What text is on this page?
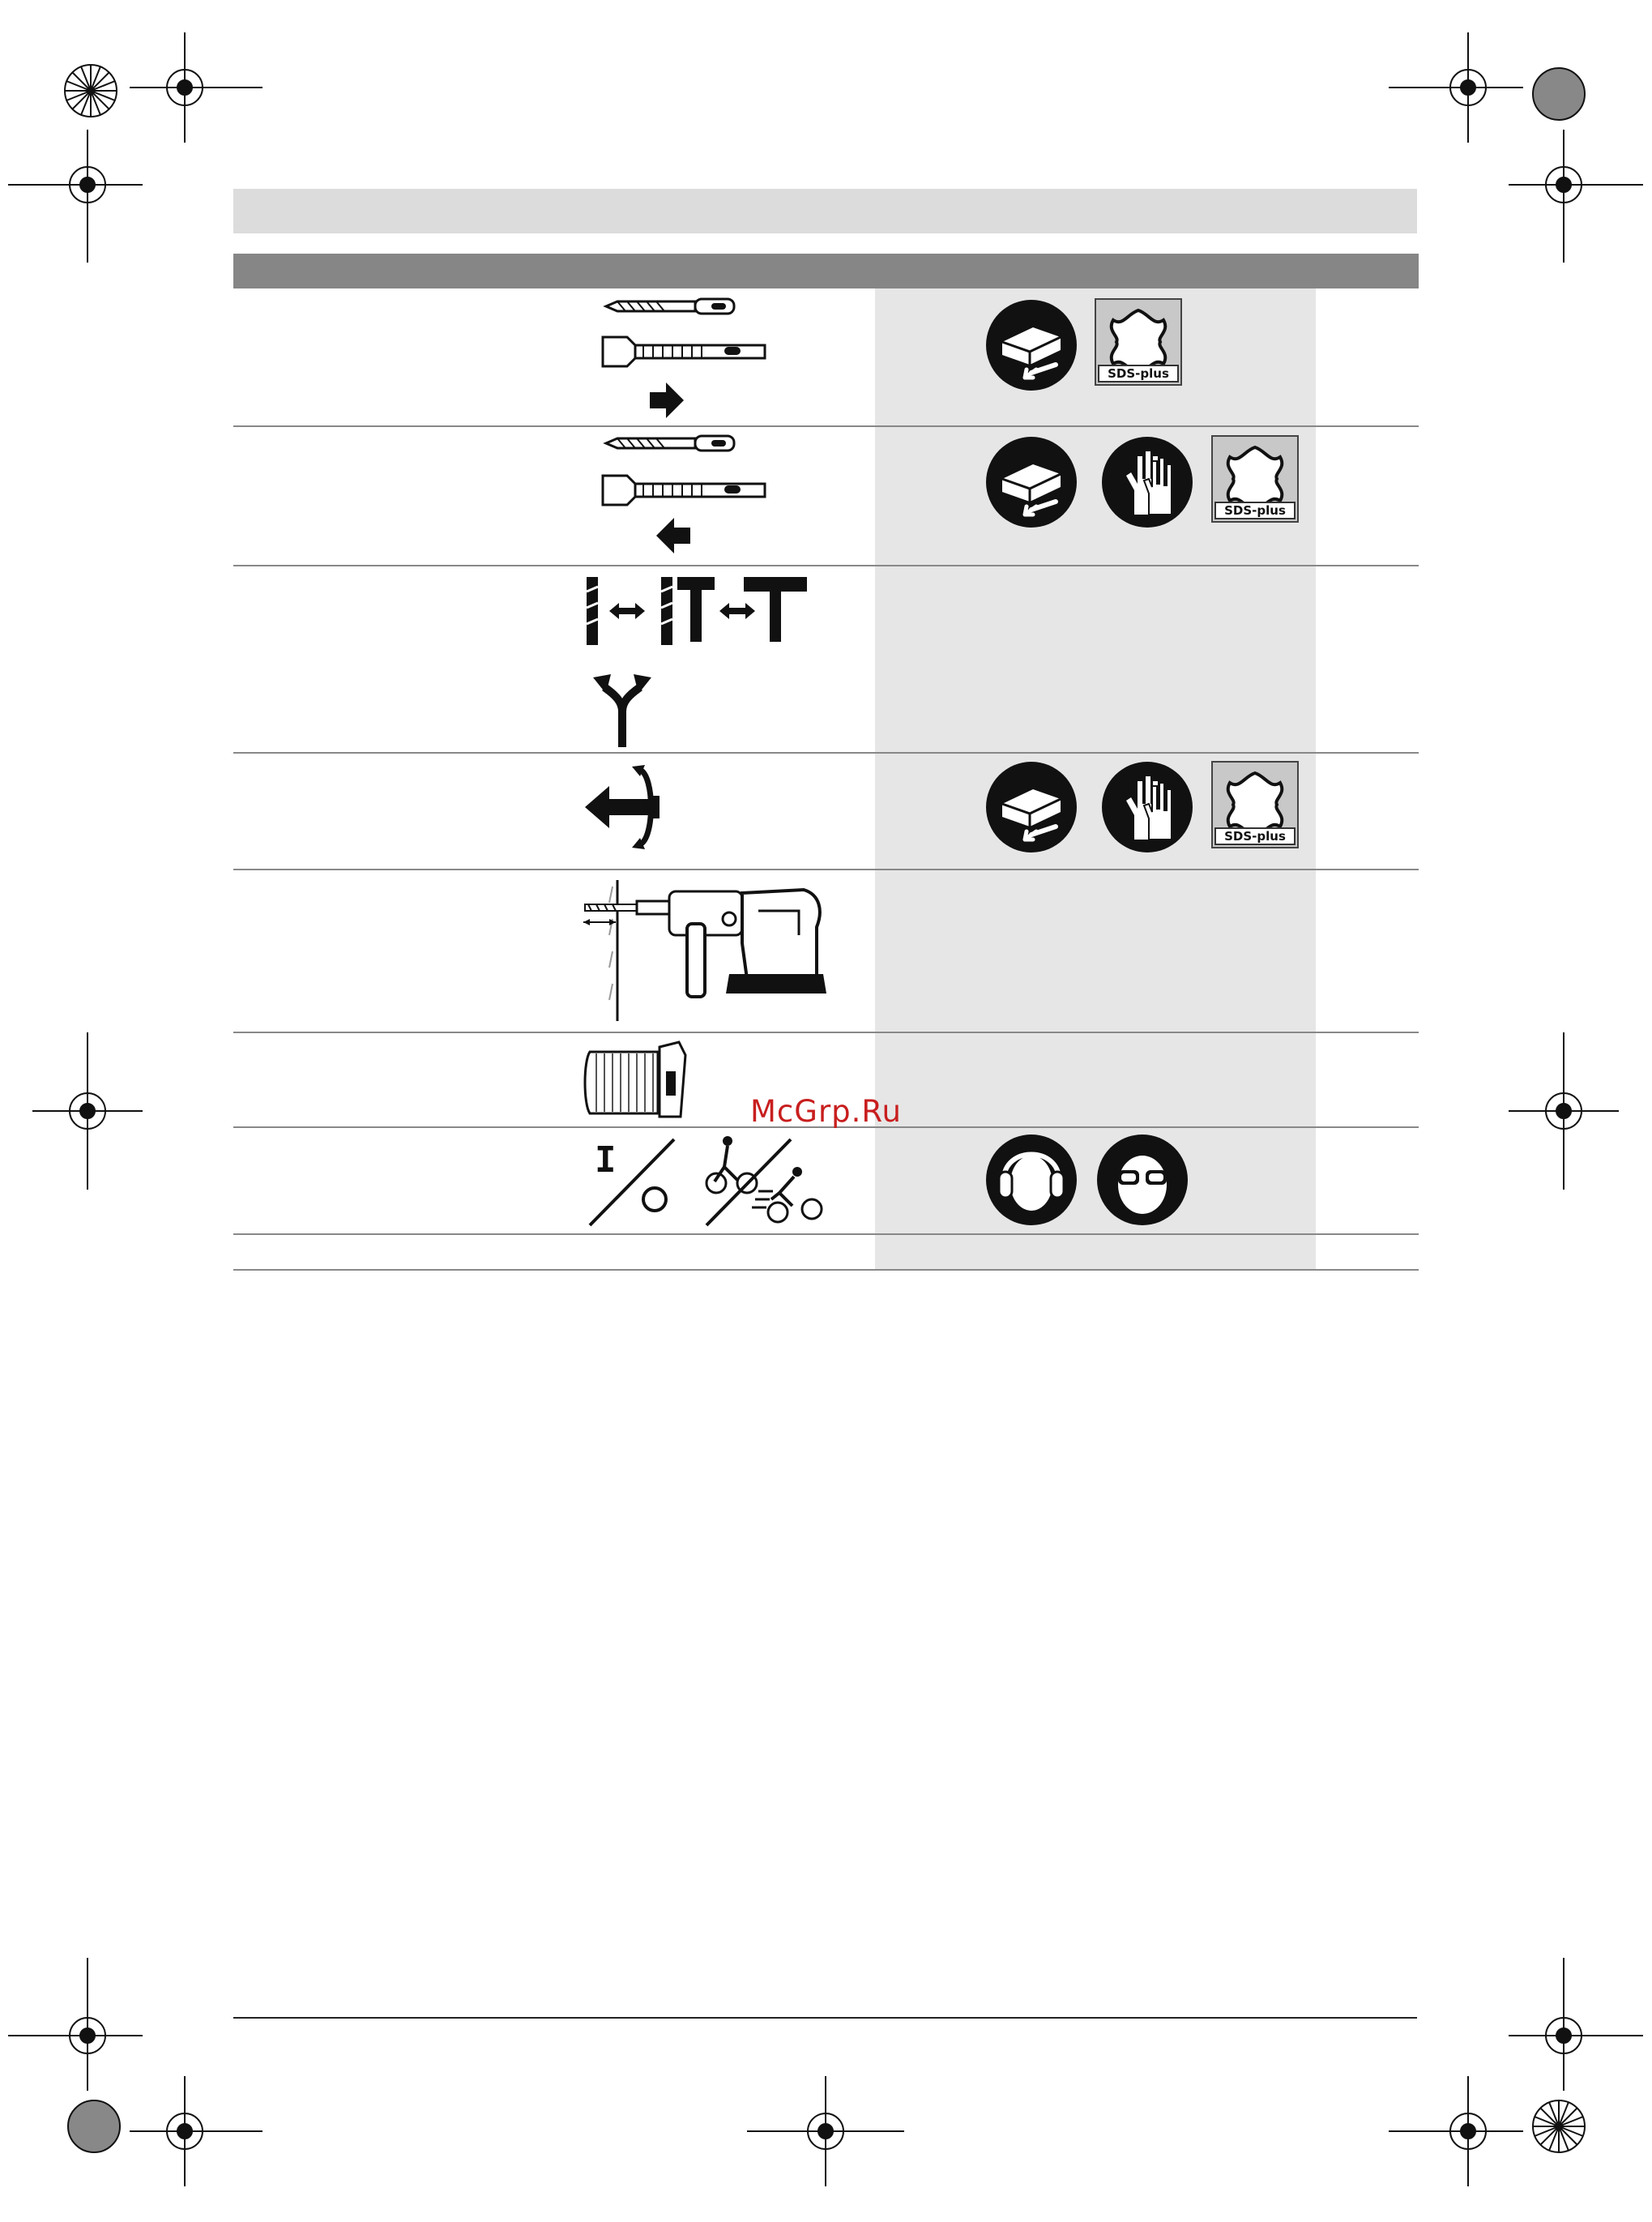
SDS-plus
SDS-plus
SDS-plus
I
McGrp.Ru
